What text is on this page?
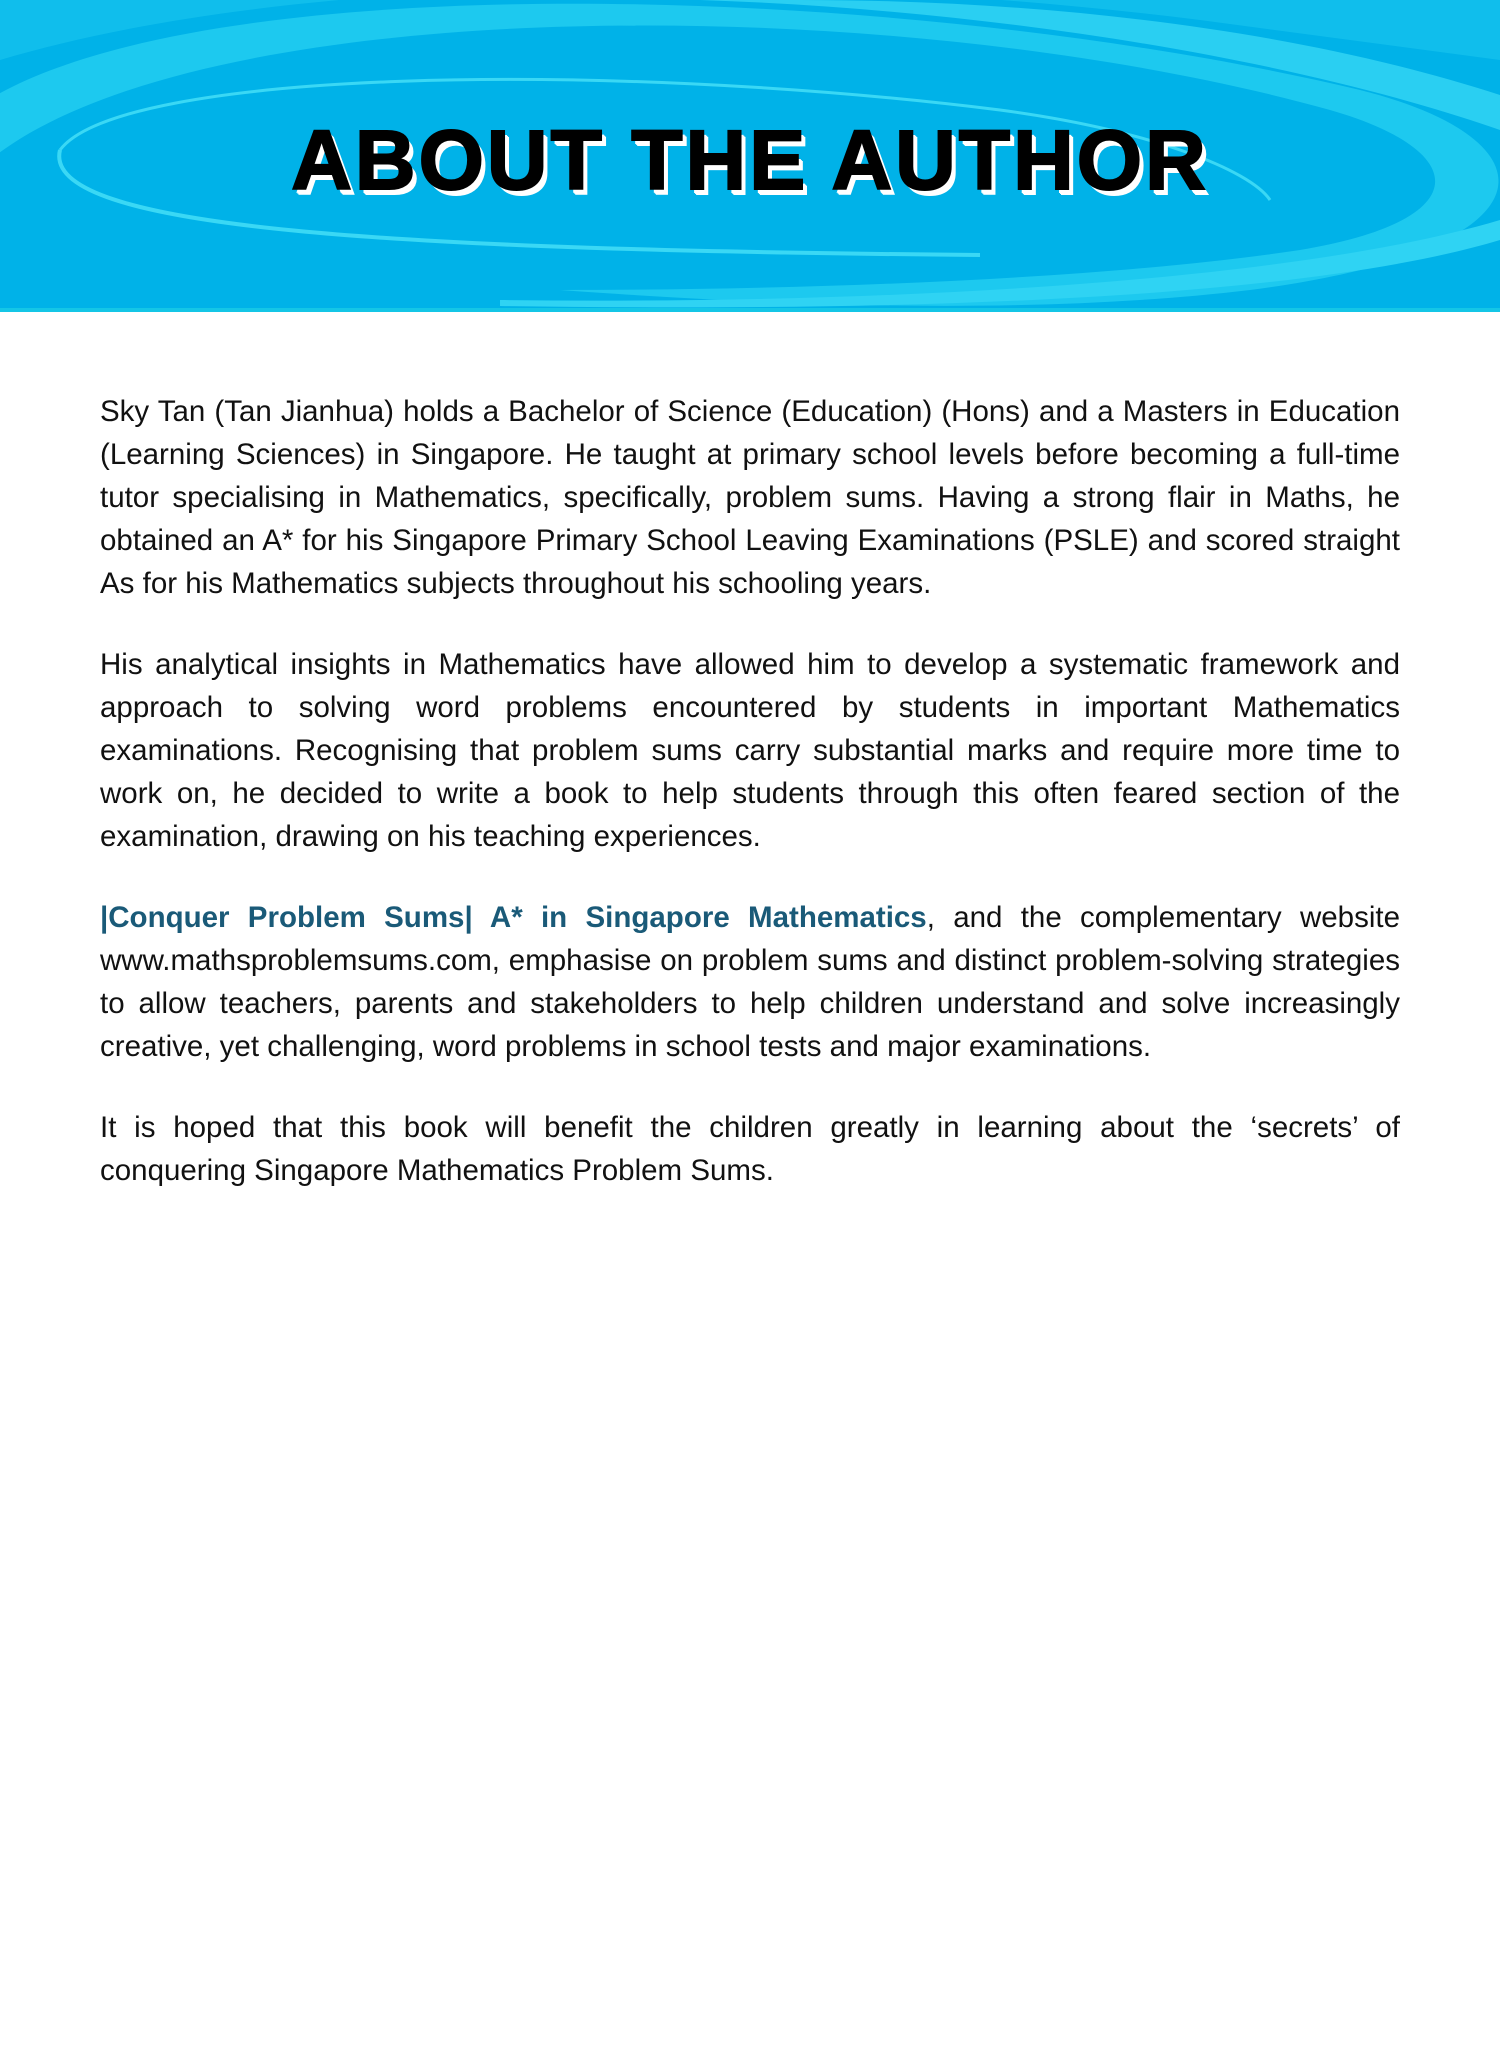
ABOUT THE AUTHOR

Sky Tan (Tan Jianhua) holds a Bachelor of Science (Education) (Hons) and a Masters in Education (Learning Sciences) in Singapore. He taught at primary school levels before becoming a full-time tutor specialising in Mathematics, specifically, problem sums. Having a strong flair in Maths, he obtained an A* for his Singapore Primary School Leaving Examinations (PSLE) and scored straight As for his Mathematics subjects throughout his schooling years.

His analytical insights in Mathematics have allowed him to develop a systematic framework and approach to solving word problems encountered by students in important Mathematics examinations. Recognising that problem sums carry substantial marks and require more time to work on, he decided to write a book to help students through this often feared section of the examination, drawing on his teaching experiences.

|Conquer Problem Sums| A* in Singapore Mathematics, and the complementary website www.mathsproblemsums.com, emphasise on problem sums and distinct problem-solving strategies to allow teachers, parents and stakeholders to help children understand and solve increasingly creative, yet challenging, word problems in school tests and major examinations.

It is hoped that this book will benefit the children greatly in learning about the ‘secrets’ of conquering Singapore Mathematics Problem Sums.
